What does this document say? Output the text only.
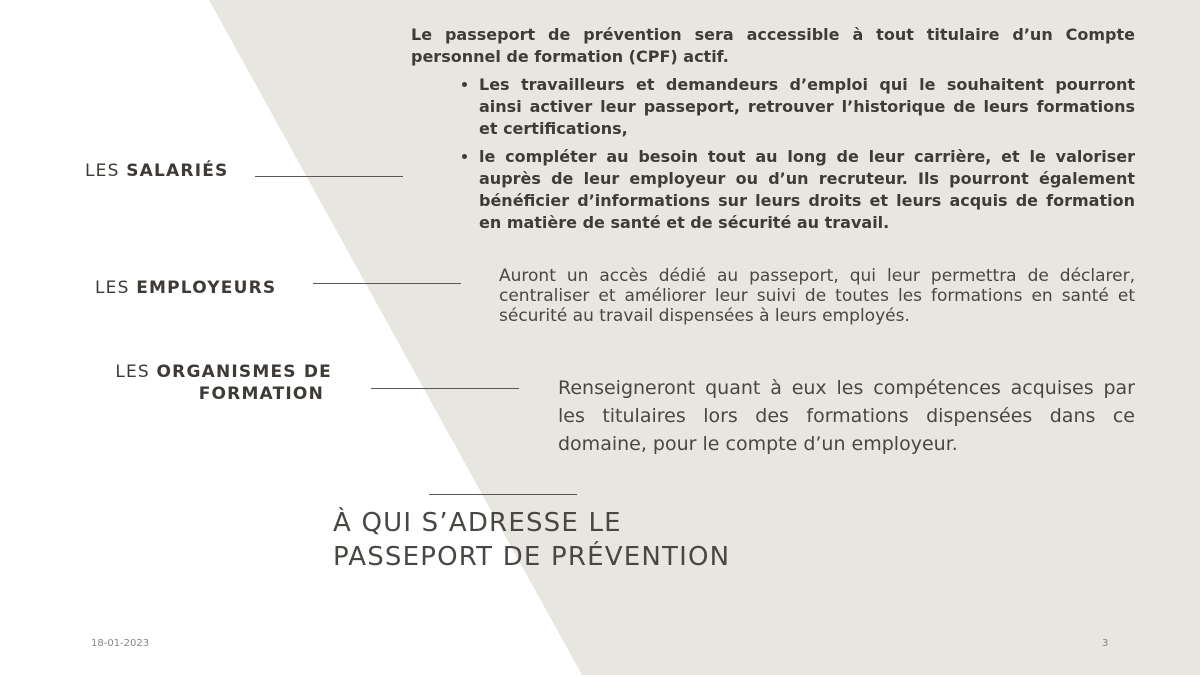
Le passeport de prévention sera accessible à tout titulaire d’un Compte personnel de formation (CPF) actif.

• Les travailleurs et demandeurs d’emploi qui le souhaitent pourront ainsi activer leur passeport, retrouver l’historique de leurs formations et certifications,
• le compléter au besoin tout au long de leur carrière, et le valoriser auprès de leur employeur ou d’un recruteur. Ils pourront également bénéficier d’informations sur leurs droits et leurs acquis de formation en matière de santé et de sécurité au travail.
LES SALARIÉS
LES EMPLOYEURS
Auront un accès dédié au passeport, qui leur permettra de déclarer, centraliser et améliorer leur suivi de toutes les formations en santé et sécurité au travail dispensées à leurs employés.
LES ORGANISMES DE
FORMATION	Renseigneront quant à eux les compétences acquises par les titulaires lors des formations dispensées dans ce domaine, pour le compte d’un employeur.
À QUI S’ADRESSE LE
PASSEPORT DE PRÉVENTION
18-01-2023	3
